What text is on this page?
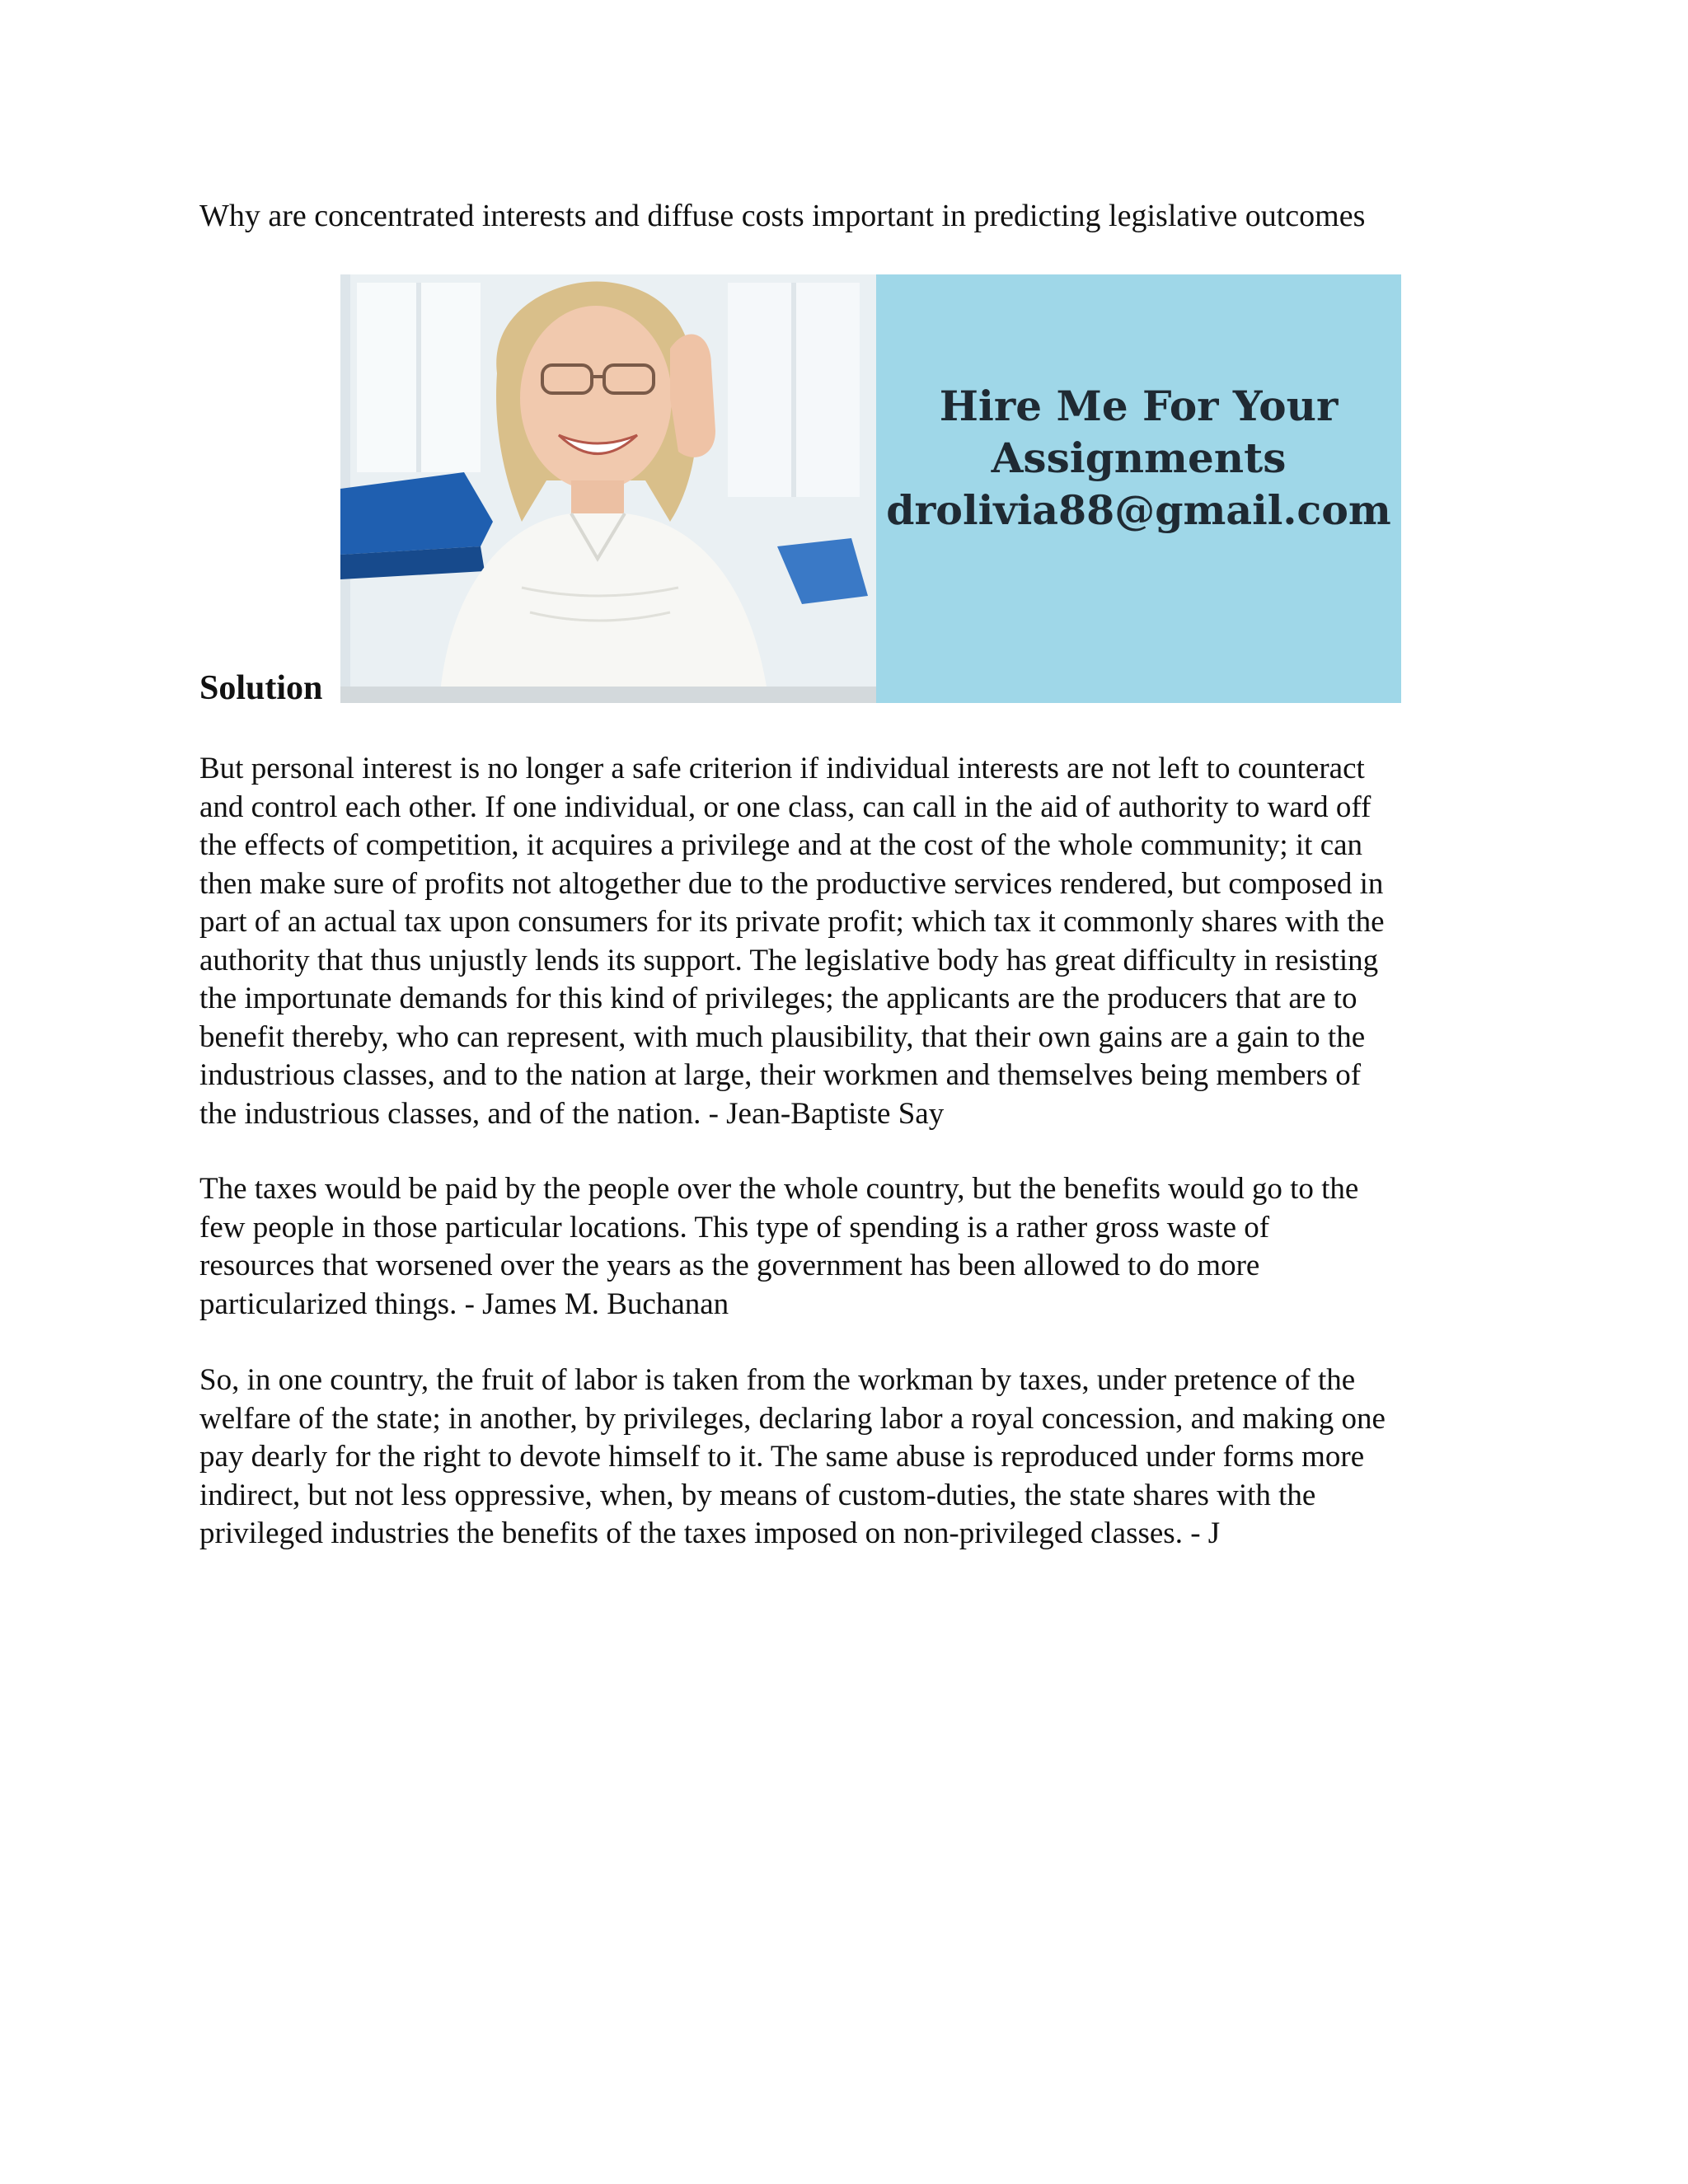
Why are concentrated interests and diffuse costs important in predicting legislative outcomes
Solution
Hire Me For Your
Assignments
drolivia88@gmail.com
But personal interest is no longer a safe criterion if individual interests are not left to counteract
and control each other. If one individual, or one class, can call in the aid of authority to ward off
the effects of competition, it acquires a privilege and at the cost of the whole community; it can
then make sure of profits not altogether due to the productive services rendered, but composed in
part of an actual tax upon consumers for its private profit; which tax it commonly shares with the
authority that thus unjustly lends its support. The legislative body has great difficulty in resisting
the importunate demands for this kind of privileges; the applicants are the producers that are to
benefit thereby, who can represent, with much plausibility, that their own gains are a gain to the
industrious classes, and to the nation at large, their workmen and themselves being members of
the industrious classes, and of the nation. - Jean-Baptiste Say
The taxes would be paid by the people over the whole country, but the benefits would go to the
few people in those particular locations. This type of spending is a rather gross waste of
resources that worsened over the years as the government has been allowed to do more
particularized things. - James M. Buchanan
So, in one country, the fruit of labor is taken from the workman by taxes, under pretence of the
welfare of the state; in another, by privileges, declaring labor a royal concession, and making one
pay dearly for the right to devote himself to it. The same abuse is reproduced under forms more
indirect, but not less oppressive, when, by means of custom-duties, the state shares with the
privileged industries the benefits of the taxes imposed on non-privileged classes. - J
